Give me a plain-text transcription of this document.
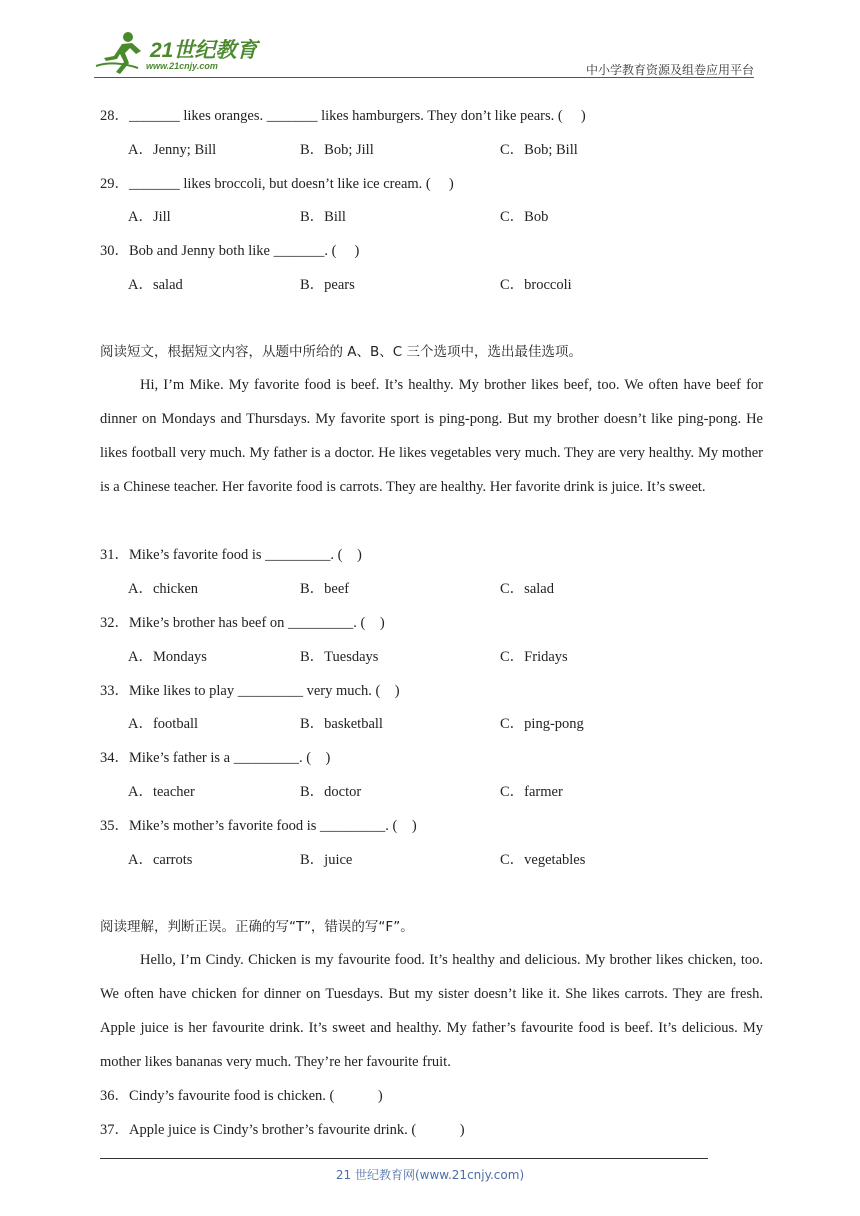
21世纪教育
www.21cnjy.com	中小学教育资源及组卷应用平台
28．_______ likes oranges. _______ likes hamburgers. They don’t like pears. (　 )
A．Jenny; Bill	B．Bob; Jill	C．Bob; Bill
29．_______ likes broccoli, but doesn’t like ice cream. (　 )
A．Jill	B．Bill	C．Bob
30．Bob and Jenny both like _______. (　 )
A．salad	B．pears	C．broccoli
阅读短文，根据短文内容，从题中所给的 A、B、C 三个选项中，选出最佳选项。
Hi, I’m Mike. My favorite food is beef. It’s healthy. My brother likes beef, too. We often have beef for dinner on Mondays and Thursdays. My favorite sport is ping-pong. But my brother doesn’t like ping-pong. He likes football very much. My father is a doctor. He likes vegetables very much. They are very healthy. My mother is a Chinese teacher. Her favorite food is carrots. They are healthy. Her favorite drink is juice. It’s sweet.
31．Mike’s favorite food is _________. (　)
A．chicken	B．beef	C．salad
32．Mike’s brother has beef on _________. (　)
A．Mondays	B．Tuesdays	C．Fridays
33．Mike likes to play _________ very much. (　)
A．football	B．basketball	C．ping-pong
34．Mike’s father is a _________. (　)
A．teacher	B．doctor	C．farmer
35．Mike’s mother’s favorite food is _________. (　)
A．carrots	B．juice	C．vegetables
阅读理解，判断正误。正确的写“T”，错误的写“F”。
Hello, I’m Cindy. Chicken is my favourite food. It’s healthy and delicious. My brother likes chicken, too. We often have chicken for dinner on Tuesdays. But my sister doesn’t like it. She likes carrots. They are fresh. Apple juice is her favourite drink. It’s sweet and healthy. My father’s favourite food is beef. It’s delicious. My mother likes bananas very much. They’re her favourite fruit.
36．Cindy’s favourite food is chicken. (　　　)
37．Apple juice is Cindy’s brother’s favourite drink. (　　　)
21 世纪教育网(www.21cnjy.com)
